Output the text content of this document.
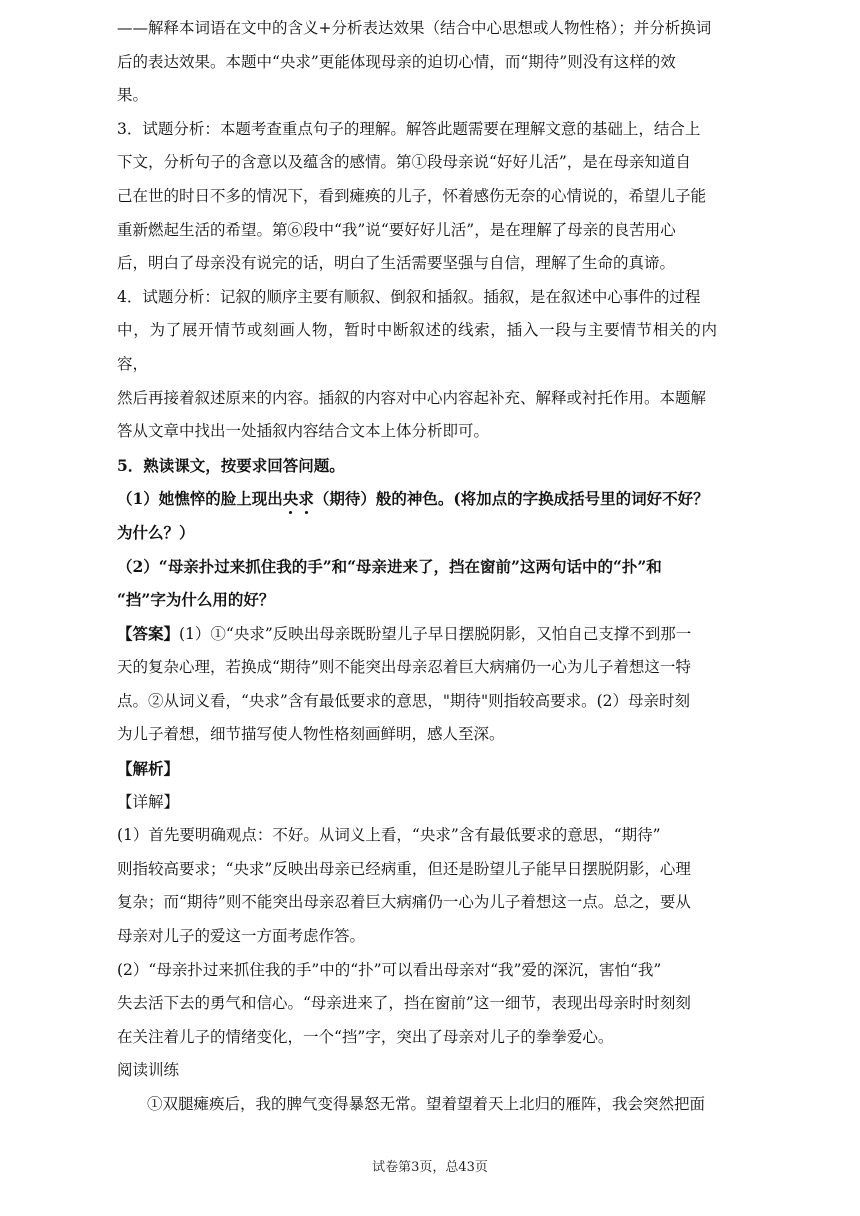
——解释本词语在文中的含义+分析表达效果（结合中心思想或人物性格）；并分析换词

后的表达效果。本题中“央求”更能体现母亲的迫切心情，而“期待”则没有这样的效

果。

3．试题分析：本题考查重点句子的理解。解答此题需要在理解文意的基础上，结合上

下文，分析句子的含意以及蕴含的感情。第①段母亲说“好好儿活”，是在母亲知道自

己在世的时日不多的情况下，看到瘫痪的儿子，怀着感伤无奈的心情说的，希望儿子能

重新燃起生活的希望。第⑥段中“我”说“要好好儿活”，是在理解了母亲的良苦用心

后，明白了母亲没有说完的话，明白了生活需要坚强与自信，理解了生命的真谛。

4．试题分析：记叙的顺序主要有顺叙、倒叙和插叙。插叙，是在叙述中心事件的过程

中，为了展开情节或刻画人物，暂时中断叙述的线索，插入一段与主要情节相关的内容，

然后再接着叙述原来的内容。插叙的内容对中心内容起补充、解释或衬托作用。本题解

答从文章中找出一处插叙内容结合文本上体分析即可。

5．熟读课文，按要求回答问题。

（1）她憔悴的脸上现出央求（期待）般的神色。(将加点的字换成括号里的词好不好？

为什么？）

（2）“母亲扑过来抓住我的手”和“母亲进来了，挡在窗前”这两句话中的“扑”和

“挡”字为什么用的好？

【答案】(1）①“央求”反映出母亲既盼望儿子早日摆脱阴影，又怕自己支撑不到那一

天的复杂心理，若换成“期待”则不能突出母亲忍着巨大病痛仍一心为儿子着想这一特

点。②从词义看，“央求”含有最低要求的意思，"期待"则指较高要求。(2）母亲时刻

为儿子着想，细节描写使人物性格刻画鲜明，感人至深。

【解析】

【详解】

(1）首先要明确观点：不好。从词义上看，“央求”含有最低要求的意思，“期待”

则指较高要求；“央求”反映出母亲已经病重，但还是盼望儿子能早日摆脱阴影，心理

复杂；而“期待”则不能突出母亲忍着巨大病痛仍一心为儿子着想这一点。总之，要从

母亲对儿子的爱这一方面考虑作答。

(2）“母亲扑过来抓住我的手”中的“扑”可以看出母亲对“我”爱的深沉，害怕“我”

失去活下去的勇气和信心。“母亲进来了，挡在窗前”这一细节，表现出母亲时时刻刻

在关注着儿子的情绪变化，一个“挡”字，突出了母亲对儿子的拳拳爱心。

阅读训练

①双腿瘫痪后，我的脾气变得暴怒无常。望着望着天上北归的雁阵，我会突然把面

试卷第3页，总43页
